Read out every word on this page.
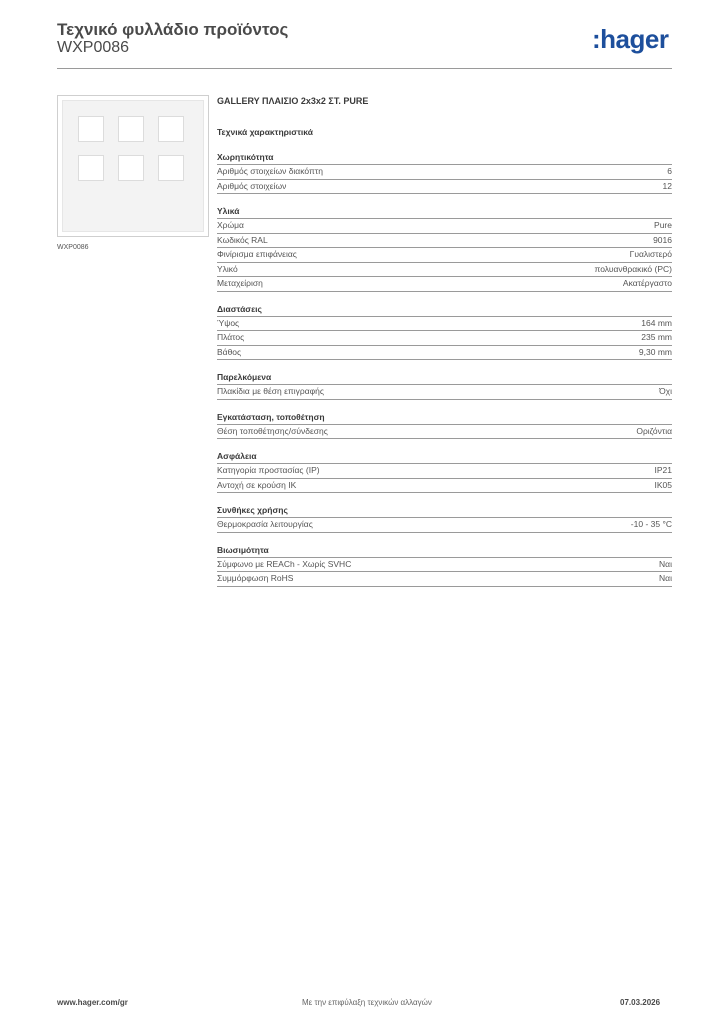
Τεχνικό φυλλάδιο προϊόντος
WXP0086	:hager
WXP0086
GALLERY ΠΛΑΙΣΙΟ 2x3x2 ΣΤ. PURE
Τεχνικά χαρακτηριστικά
Χωρητικότητα
Αριθμός στοιχείων διακόπτη	6
Αριθμός στοιχείων	12
Υλικά
Χρώμα	Pure
Κωδικός RAL	9016
Φινίρισμα επιφάνειας	Γυαλιστερό
Υλικό	πολυανθρακικό (PC)
Μεταχείριση	Ακατέργαστο
Διαστάσεις
Ύψος	164 mm
Πλάτος	235 mm
Βάθος	9,30 mm
Παρελκόμενα
Πλακίδια με θέση επιγραφής	Όχι
Εγκατάσταση, τοποθέτηση
Θέση τοποθέτησης/σύνδεσης	Οριζόντια
Ασφάλεια
Κατηγορία προστασίας (IP)	IP21
Αντοχή σε κρούση IK	IK05
Συνθήκες χρήσης
Θερμοκρασία λειτουργίας	-10 - 35 °C
Βιωσιμότητα
Σύμφωνο με REACh - Χωρίς SVHC	Ναι
Συμμόρφωση RoHS	Ναι
www.hager.com/gr	Με την επιφύλαξη τεχνικών αλλαγών	07.03.2026
